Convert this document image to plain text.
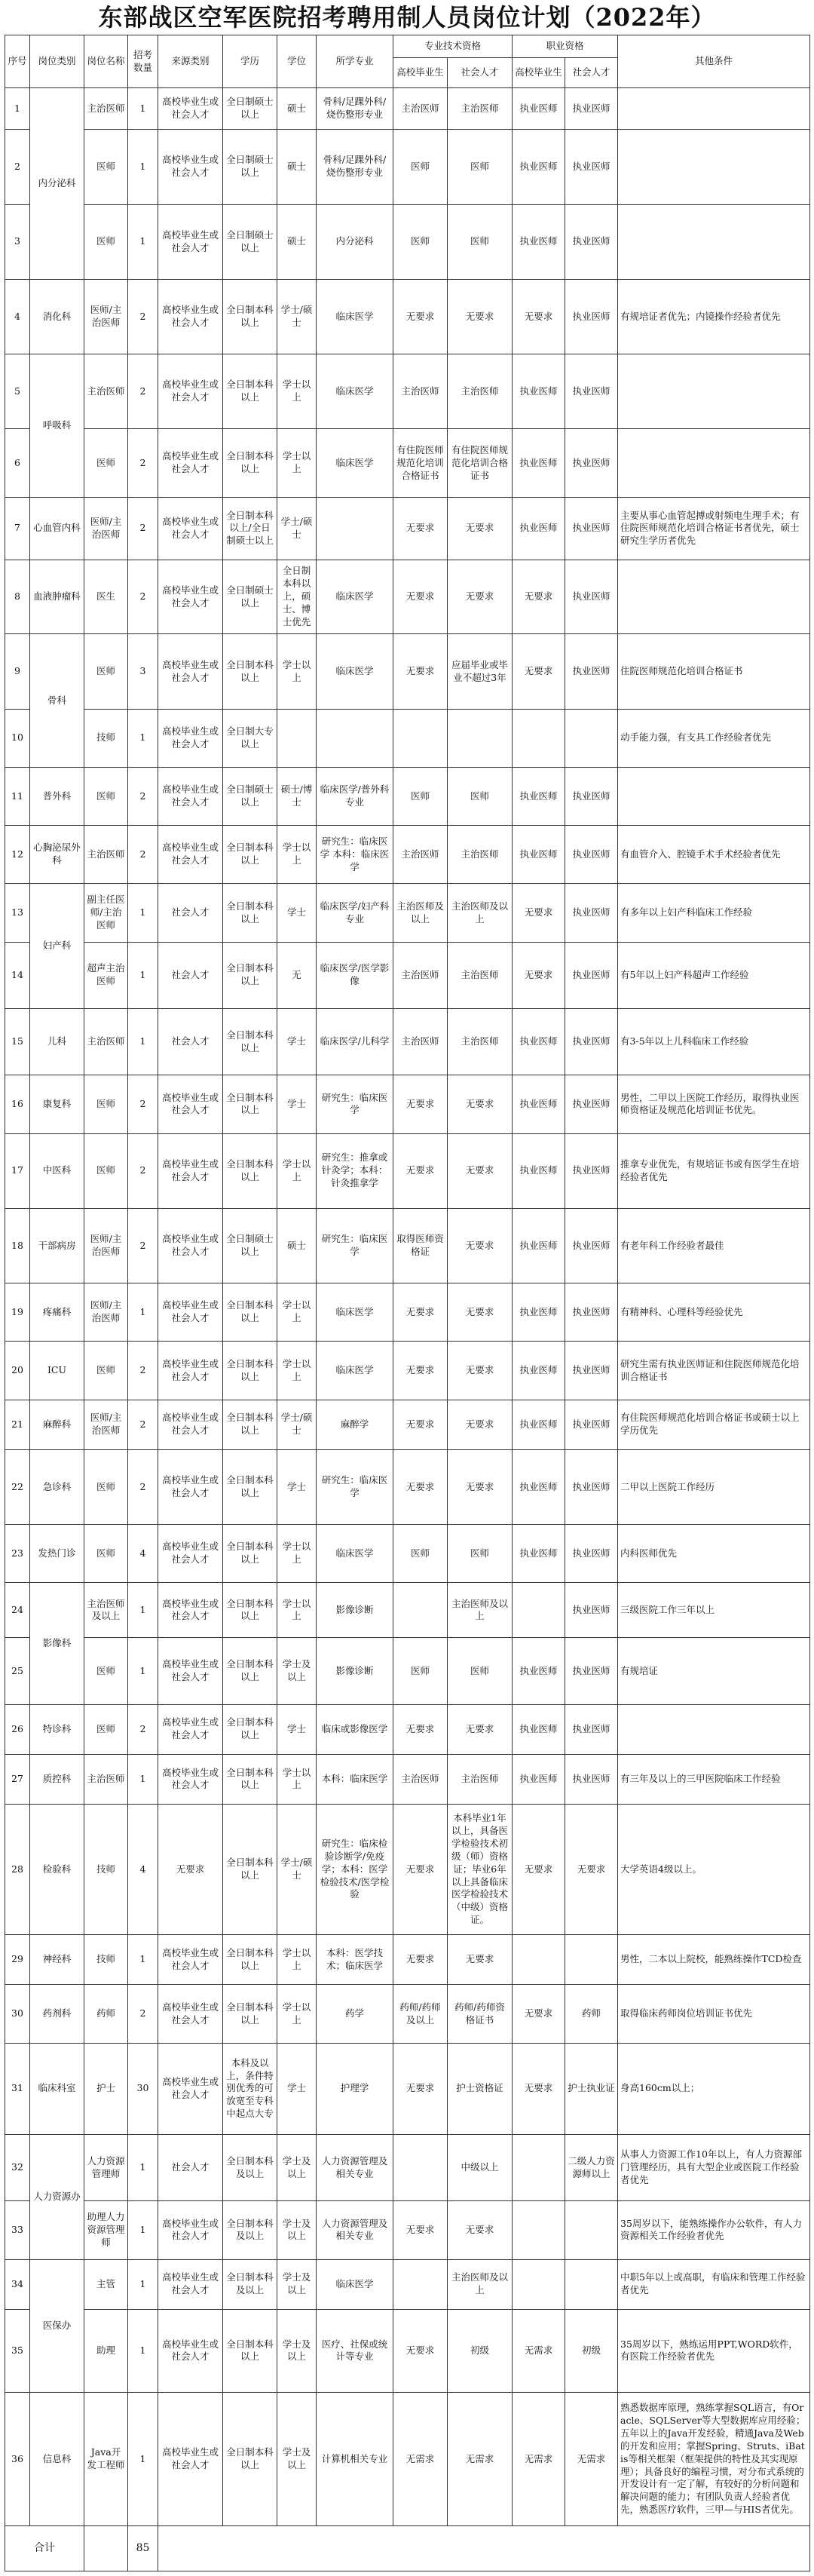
东部战区空军医院招考聘用制人员岗位计划（2022年）
序号	岗位类别	岗位名称	招考数量	来源类别	学历	学位	所学专业	专业技术资格		职业资格		其他条件
								高校毕业生	社会人才	高校毕业生	社会人才	
1	内分泌科	主治医师	1	高校毕业生或社会人才	全日制硕士以上	硕士	骨科/足踝外科/烧伤整形专业	主治医师	主治医师	执业医师	执业医师	
2		医师	1	高校毕业生或社会人才	全日制硕士以上	硕士	骨科/足踝外科/烧伤整形专业	医师	医师	执业医师	执业医师	
3		医师	1	高校毕业生或社会人才	全日制硕士以上	硕士	内分泌科	医师	医师	执业医师	执业医师	
4	消化科	医师/主治医师	2	高校毕业生或社会人才	全日制本科以上	学士/硕士	临床医学	无要求	无要求	无要求	执业医师	有规培证者优先；内镜操作经验者优先
5	呼吸科	主治医师	2	高校毕业生或社会人才	全日制本科以上	学士以上	临床医学	主治医师	主治医师	执业医师	执业医师	
6		医师	2	高校毕业生或社会人才	全日制本科以上	学士以上	临床医学	有住院医师规范化培训合格证书	有住院医师规范化培训合格证书	执业医师	执业医师	
7	心血管内科	医师/主治医师	2	高校毕业生或社会人才	全日制本科以上/全日制硕士以上	学士/硕士		无要求	无要求	执业医师	执业医师	主要从事心血管起搏或射频电生理手术；有住院医师规范化培训合格证书者优先，硕士研究生学历者优先
8	血液肿瘤科	医生	2	高校毕业生或社会人才	全日制硕士以上	全日制本科以上，硕士、博士优先	临床医学	无要求	无要求	无要求	执业医师	
9	骨科	医师	3	高校毕业生或社会人才	全日制本科以上	学士以上	临床医学	无要求	应届毕业或毕业不超过3年	无要求	执业医师	住院医师规范化培训合格证书
10		技师	1	高校毕业生或社会人才	全日制大专以上							动手能力强，有支具工作经验者优先
11	普外科	医师	2	高校毕业生或社会人才	全日制硕士以上	硕士/博士	临床医学/普外科专业	医师	医师	执业医师	执业医师	
12	心胸泌尿外科	主治医师	2	高校毕业生或社会人才	全日制本科以上	学士以上	研究生：临床医学 本科：临床医学	主治医师	主治医师	执业医师	执业医师	有血管介入、腔镜手术手术经验者优先
13	妇产科	副主任医师/主治医师	1	社会人才	全日制本科以上	学士	临床医学/妇产科专业	主治医师及以上	主治医师及以上	无要求	执业医师	有多年以上妇产科临床工作经验
14		超声主治医师	1	社会人才	全日制本科以上	无	临床医学/医学影像	主治医师	主治医师	无要求	执业医师	有5年以上妇产科超声工作经验
15	儿科	主治医师	1	社会人才	全日制本科以上	学士	临床医学/儿科学	主治医师	主治医师	执业医师	执业医师	有3-5年以上儿科临床工作经验
16	康复科	医师	2	高校毕业生或社会人才	全日制本科以上	学士	研究生：临床医学	无要求	无要求	执业医师	执业医师	男性，二甲以上医院工作经历，取得执业医师资格证及规范化培训证书优先。
17	中医科	医师	2	高校毕业生或社会人才	全日制本科以上	学士以上	研究生：推拿或针灸学；本科：针灸推拿学	无要求	无要求	执业医师	执业医师	推拿专业优先，有规培证书或有医学生在培经验者优先
18	干部病房	医师/主治医师	2	高校毕业生或社会人才	全日制硕士以上	硕士	研究生：临床医学	取得医师资格证	无要求	执业医师	执业医师	有老年科工作经验者最佳
19	疼痛科	医师/主治医师	1	高校毕业生或社会人才	全日制本科以上	学士以上	临床医学	无要求	无要求	执业医师	执业医师	有精神科、心理科等经验优先
20	ICU	医师	2	高校毕业生或社会人才	全日制本科以上	学士以上	临床医学	无要求	无要求	执业医师	执业医师	研究生需有执业医师证和住院医师规范化培训合格证书
21	麻醉科	医师/主治医师	2	高校毕业生或社会人才	全日制本科以上	学士/硕士	麻醉学	无要求	无要求	执业医师	执业医师	有住院医师规范化培训合格证书或硕士以上学历优先
22	急诊科	医师	2	高校毕业生或社会人才	全日制本科以上	学士	研究生：临床医学	无要求	无要求	执业医师	执业医师	二甲以上医院工作经历
23	发热门诊	医师	4	高校毕业生或社会人才	全日制本科以上	学士以上	临床医学	医师	医师	执业医师	执业医师	内科医师优先
24	影像科	主治医师及以上	1	高校毕业生或社会人才	全日制本科以上	学士以上	影像诊断		主治医师及以上		执业医师	三级医院工作三年以上
25		医师	1	高校毕业生或社会人才	全日制本科以上	学士及以上	影像诊断	医师	医师	执业医师	执业医师	有规培证
26	特诊科	医师	2	高校毕业生或社会人才	全日制本科以上	学士	临床或影像医学	无要求	无要求	执业医师	执业医师	
27	质控科	主治医师	1	高校毕业生或社会人才	全日制本科以上	学士以上	本科：临床医学	主治医师	主治医师	执业医师	执业医师	有三年及以上的三甲医院临床工作经验
28	检验科	技师	4	无要求	全日制本科以上	学士/硕士	研究生：临床检验诊断学/免疫学；本科：医学检验技术/医学检验	无要求	本科毕业1年以上，具备医学检验技术初级（师）资格证；毕业6年以上具备临床医学检验技术（中级）资格证。	无要求	无要求	大学英语4级以上。
29	神经科	技师	1	高校毕业生或社会人才	全日制本科以上	学士以上	本科：医学技术；临床医学	无要求	无要求			男性，二本以上院校，能熟练操作TCD检查
30	药剂科	药师	2	高校毕业生或社会人才	全日制本科以上	学士以上	药学	药师/药师及以上	药师/药师资格证书	无要求	药师	取得临床药师岗位培训证书优先
31	临床科室	护士	30	高校毕业生或社会人才	本科及以上，条件特别优秀的可放宽至专科中起点大专	学士	护理学	无要求	护士资格证	无要求	护士执业证	身高160cm以上；
32	人力资源办	人力资源管理师	1	社会人才	全日制本科及以上	学士及以上	人力资源管理及相关专业		中级以上		二级人力资源师以上	从事人力资源工作10年以上，有人力资源部门管理经历，具有大型企业或医院工作经验者优先
33		助理人力资源管理师	1	高校毕业生或社会人才	全日制本科及以上	学士及以上	人力资源管理及相关专业	无要求	无要求			35周岁以下，能熟练操作办公软件，有人力资源相关工作经验者优先
34	医保办	主管	1	高校毕业生或社会人才	全日制本科及以上	学士及以上	临床医学		主治医师及以上			中职5年以上或高职，有临床和管理工作经验者优先
35		助理	1	高校毕业生或社会人才	全日制本科以上	学士及以上	医疗、社保或统计等专业	无要求	初级	无需求	初级	35周岁以下，熟练运用PPT,WORD软件，有医院工作经验者优先
36	信息科	Java开发工程师	1	高校毕业生或社会人才	全日制本科以上	学士及以上	计算机相关专业	无需求	无需求	无需求	无需求	熟悉数据库原理，熟练掌握SQL语言，有Oracle、SQLServer等大型数据库应用经验；五年以上的Java开发经验，精通Java及Web的开发和应用；掌握Spring、Struts、iBatis等相关框架（框架提供的特性及其实现原理）；具备良好的编程习惯，对分布式系统的开发设计有一定了解，有较好的分析问题和解决问题的能力；有团队负责人经验者优先，熟悉医疗软件，三甲—与HIS者优先。
合计			85									
